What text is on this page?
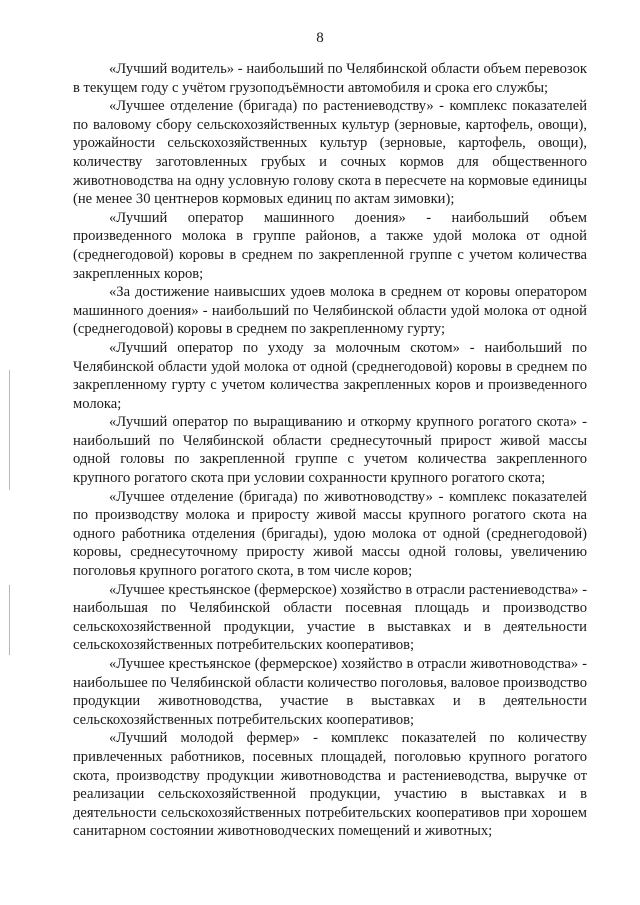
8

«Лучший водитель» - наибольший по Челябинской области объем перевозок в текущем году с учётом грузоподъёмности автомобиля и срока его службы;

«Лучшее отделение (бригада) по растениеводству» - комплекс показателей по валовому сбору сельскохозяйственных культур (зерновые, картофель, овощи), урожайности сельскохозяйственных культур (зерновые, картофель, овощи), количеству заготовленных грубых и сочных кормов для общественного животноводства на одну условную голову скота в пересчете на кормовые единицы (не менее 30 центнеров кормовых единиц по актам зимовки);

«Лучший оператор машинного доения» - наибольший объем произведенного молока в группе районов, а также удой молока от одной (среднегодовой) коровы в среднем по закрепленной группе с учетом количества закрепленных коров;

«За достижение наивысших удоев молока в среднем от коровы оператором машинного доения» - наибольший по Челябинской области удой молока от одной (среднегодовой) коровы в среднем по закрепленному гурту;

«Лучший оператор по уходу за молочным скотом» - наибольший по Челябинской области удой молока от одной (среднегодовой) коровы в среднем по закрепленному гурту с учетом количества закрепленных коров и произведенного молока;

«Лучший оператор по выращиванию и откорму крупного рогатого скота» - наибольший по Челябинской области среднесуточный прирост живой массы одной головы по закрепленной группе с учетом количества закрепленного крупного рогатого скота при условии сохранности крупного рогатого скота;

«Лучшее отделение (бригада) по животноводству» - комплекс показателей по производству молока и приросту живой массы крупного рогатого скота на одного работника отделения (бригады), удою молока от одной (среднегодовой) коровы, среднесуточному приросту живой массы одной головы, увеличению поголовья крупного рогатого скота, в том числе коров;

«Лучшее крестьянское (фермерское) хозяйство в отрасли растениеводства» - наибольшая по Челябинской области посевная площадь и производство сельскохозяйственной продукции, участие в выставках и в деятельности сельскохозяйственных потребительских кооперативов;

«Лучшее крестьянское (фермерское) хозяйство в отрасли животноводства» - наибольшее по Челябинской области количество поголовья, валовое производство продукции животноводства, участие в выставках и в деятельности сельскохозяйственных потребительских кооперативов;

«Лучший молодой фермер» - комплекс показателей по количеству привлеченных работников, посевных площадей, поголовью крупного рогатого скота, производству продукции животноводства и растениеводства, выручке от реализации сельскохозяйственной продукции, участию в выставках и в деятельности сельскохозяйственных потребительских кооперативов при хорошем санитарном состоянии животноводческих помещений и животных;
